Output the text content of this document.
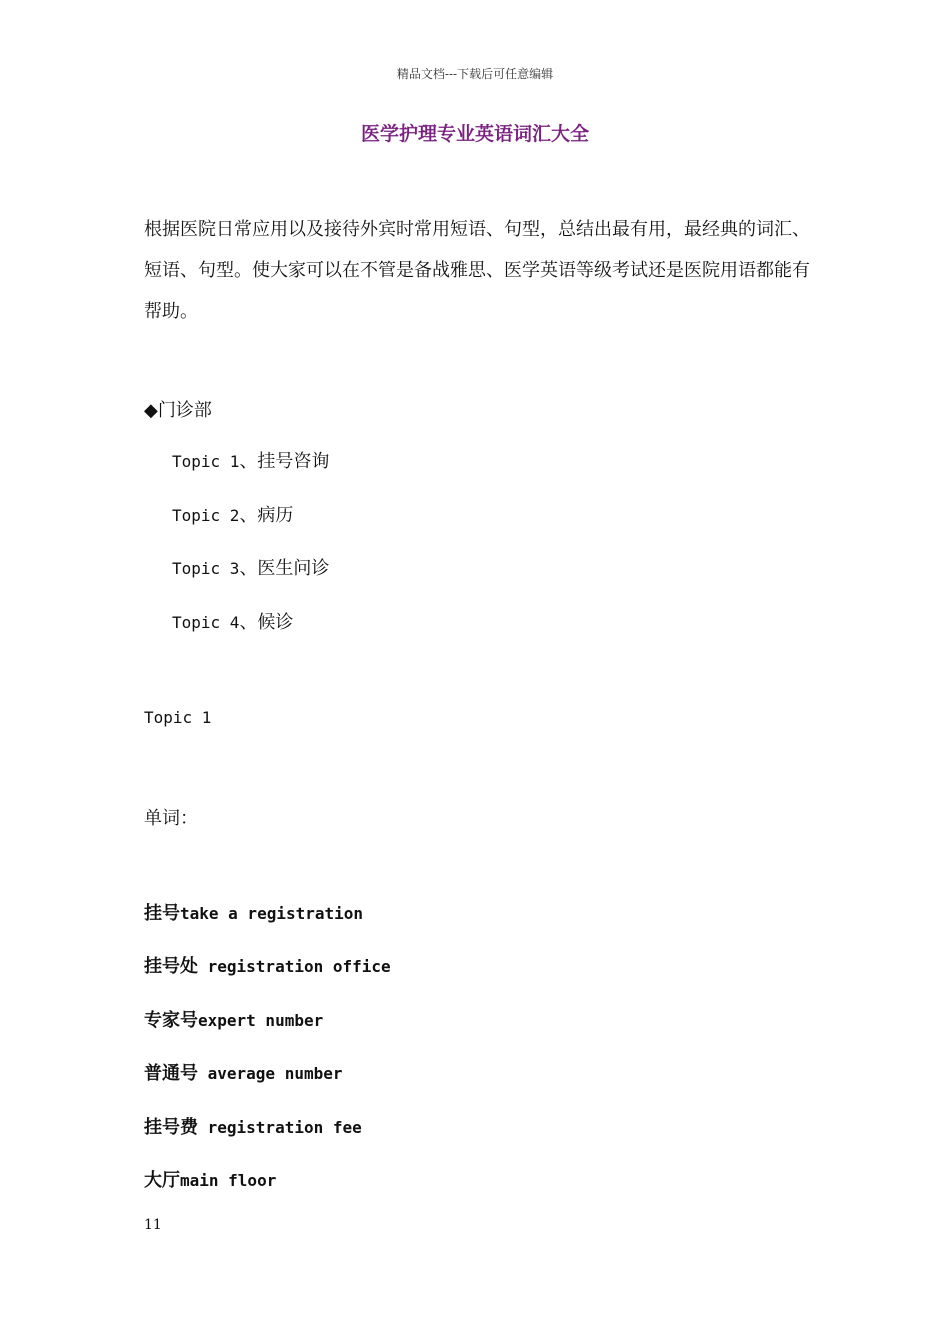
精品文档---下载后可任意编辑
医学护理专业英语词汇大全

根据医院日常应用以及接待外宾时常用短语、句型，总结出最有用，最经典的词汇、短语、句型。使大家可以在不管是备战雅思、医学英语等级考试还是医院用语都能有帮助。

◆门诊部
Topic 1、挂号咨询
Topic 2、病历
Topic 3、医生问诊
Topic 4、候诊
Topic 1
单词：
挂号take a registration
挂号处 registration office
专家号expert number
普通号 average number
挂号费 registration fee
大厅main floor
11
